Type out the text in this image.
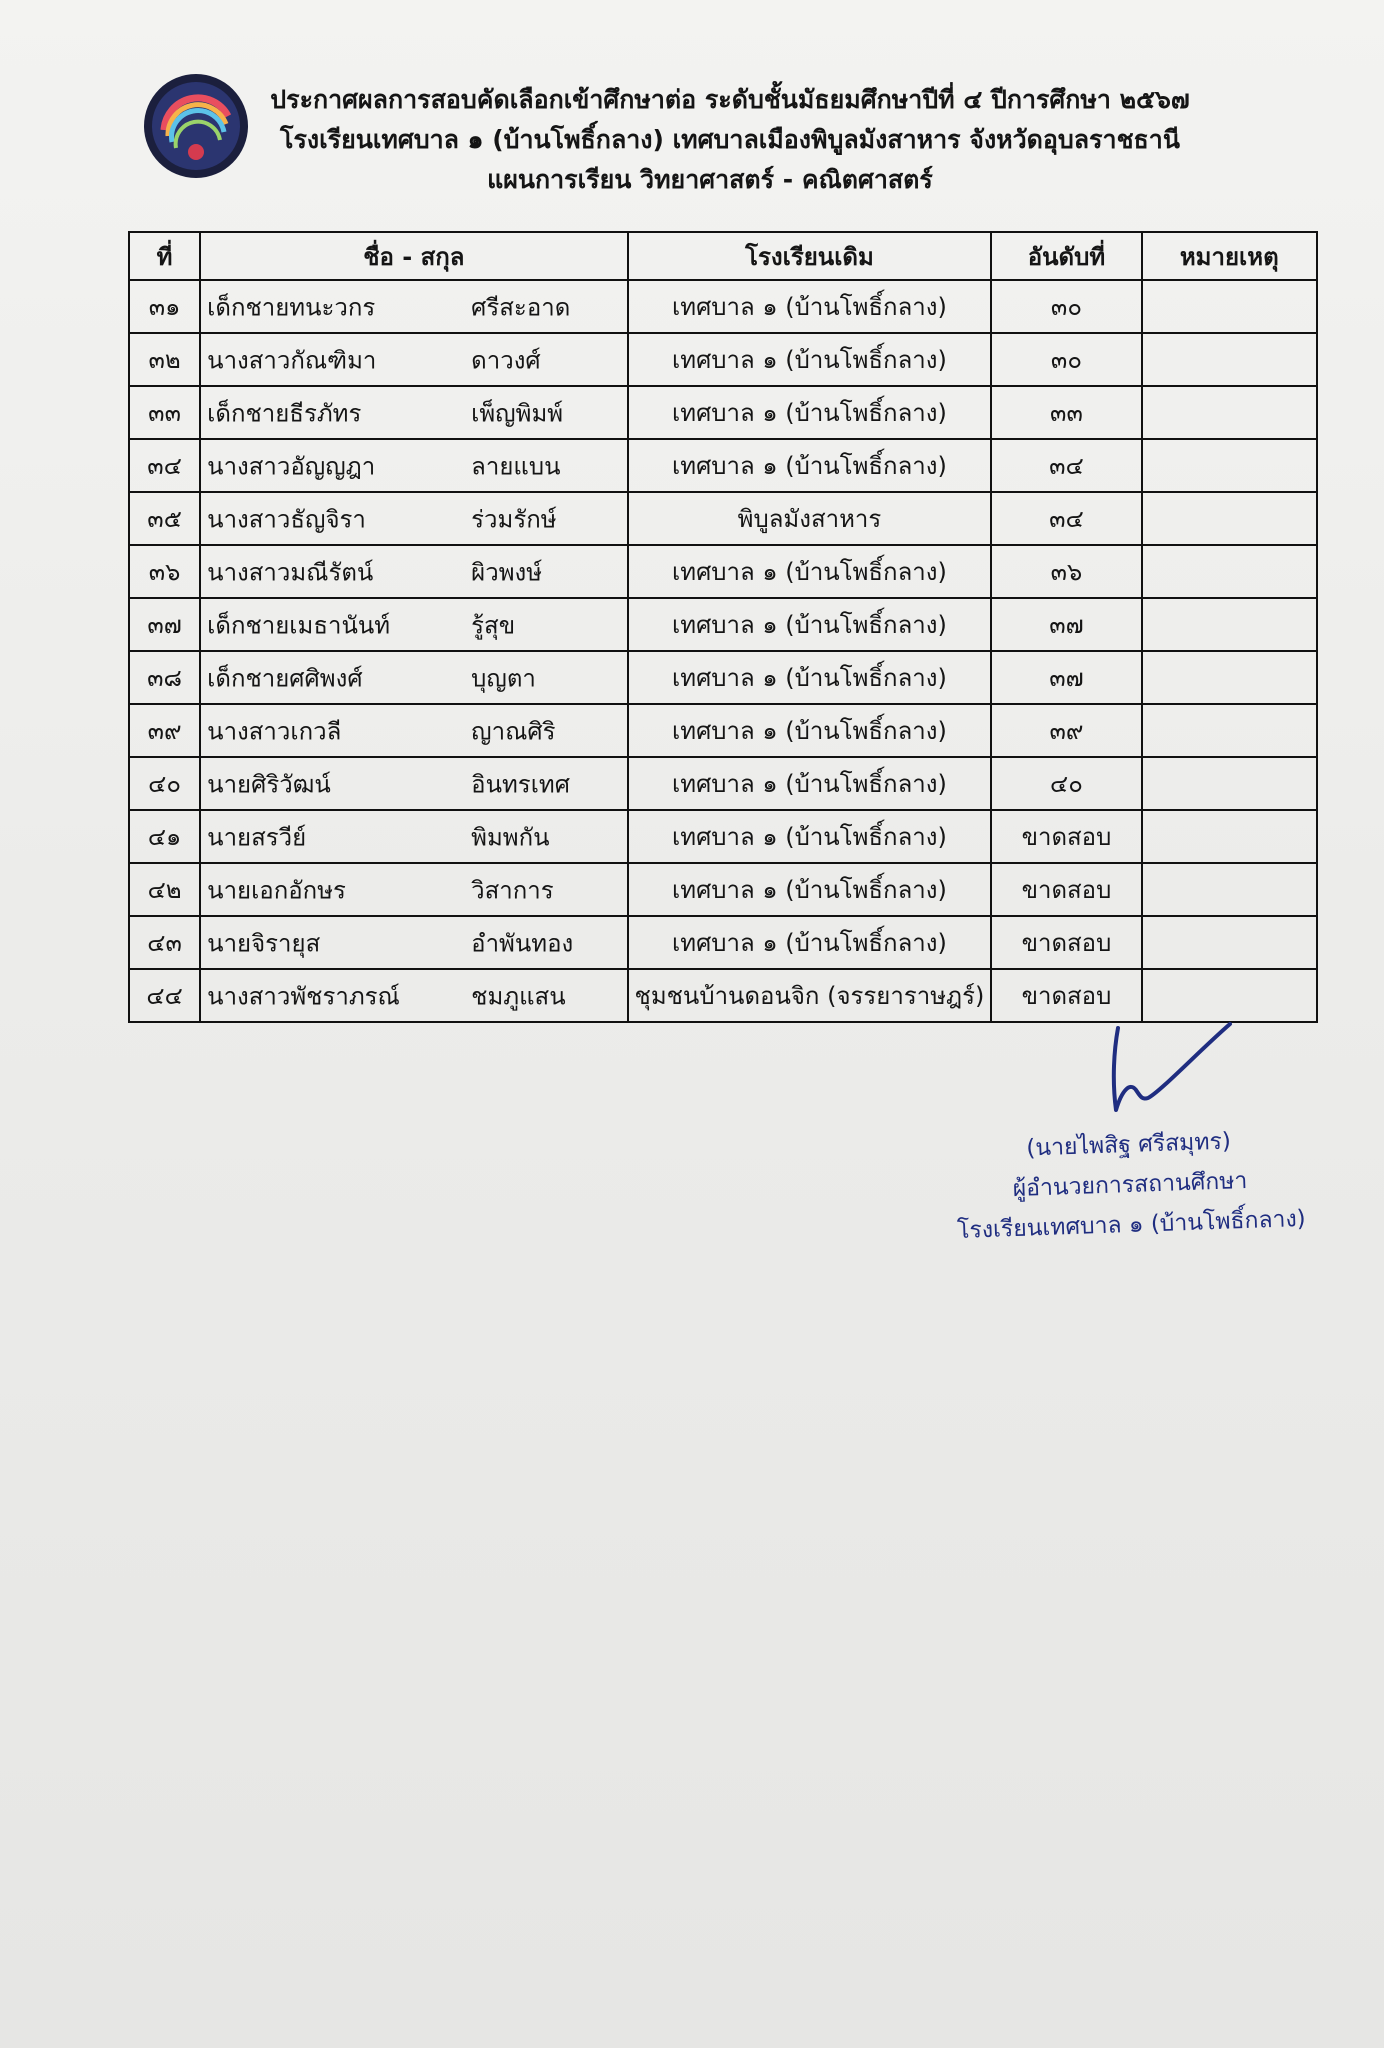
ประกาศผลการสอบคัดเลือกเข้าศึกษาต่อ ระดับชั้นมัธยมศึกษาปีที่ ๔ ปีการศึกษา ๒๕๖๗
โรงเรียนเทศบาล ๑ (บ้านโพธิ์กลาง) เทศบาลเมืองพิบูลมังสาหาร จังหวัดอุบลราชธานี
แผนการเรียน วิทยาศาสตร์ - คณิตศาสตร์
ที่	ชื่อ - สกุล	โรงเรียนเดิม	อันดับที่	หมายเหตุ
๓๑	เด็กชายทนะวกร ศรีสะอาด	เทศบาล ๑ (บ้านโพธิ์กลาง)	๓๐	
๓๒	นางสาวกัณฑิมา ดาวงศ์	เทศบาล ๑ (บ้านโพธิ์กลาง)	๓๐	
๓๓	เด็กชายธีรภัทร เพ็ญพิมพ์	เทศบาล ๑ (บ้านโพธิ์กลาง)	๓๓	
๓๔	นางสาวอัญญฎา ลายแบน	เทศบาล ๑ (บ้านโพธิ์กลาง)	๓๔	
๓๕	นางสาวธัญจิรา ร่วมรักษ์	พิบูลมังสาหาร	๓๔	
๓๖	นางสาวมณีรัตน์ ผิวพงษ์	เทศบาล ๑ (บ้านโพธิ์กลาง)	๓๖	
๓๗	เด็กชายเมธานันท์ รู้สุข	เทศบาล ๑ (บ้านโพธิ์กลาง)	๓๗	
๓๘	เด็กชายศศิพงศ์ บุญตา	เทศบาล ๑ (บ้านโพธิ์กลาง)	๓๗	
๓๙	นางสาวเกวลี ญาณศิริ	เทศบาล ๑ (บ้านโพธิ์กลาง)	๓๙	
๔๐	นายศิริวัฒน์ อินทรเทศ	เทศบาล ๑ (บ้านโพธิ์กลาง)	๔๐	
๔๑	นายสรวีย์ พิมพกัน	เทศบาล ๑ (บ้านโพธิ์กลาง)	ขาดสอบ	
๔๒	นายเอกอักษร วิสาการ	เทศบาล ๑ (บ้านโพธิ์กลาง)	ขาดสอบ	
๔๓	นายจิรายุส อำพันทอง	เทศบาล ๑ (บ้านโพธิ์กลาง)	ขาดสอบ	
๔๔	นางสาวพัชราภรณ์ ชมภูแสน	ชุมชนบ้านดอนจิก (จรรยาราษฎร์)	ขาดสอบ	
(นายไพสิฐ ศรีสมุทร)
ผู้อำนวยการสถานศึกษา
โรงเรียนเทศบาล ๑ (บ้านโพธิ์กลาง)
